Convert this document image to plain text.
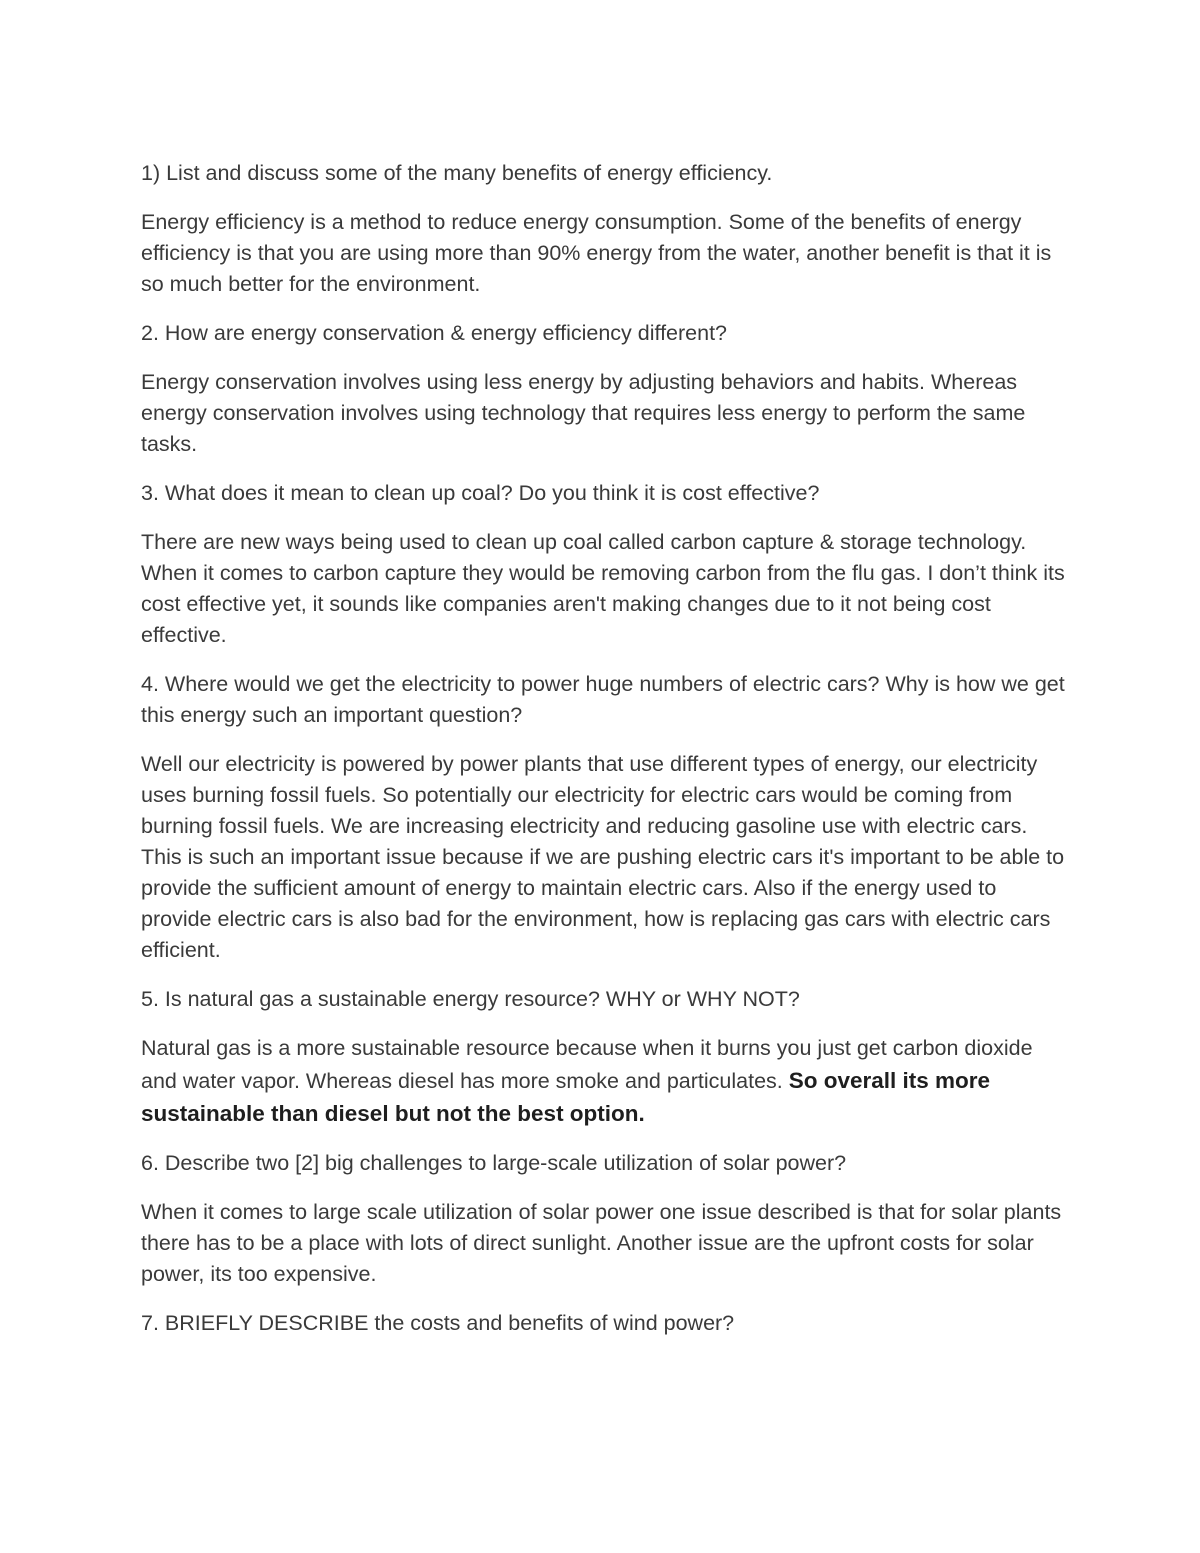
1) List and discuss some of the many benefits of energy efficiency.

Energy efficiency is a method to reduce energy consumption. Some of the benefits of energy efficiency is that you are using more than 90% energy from the water, another benefit is that it is so much better for the environment.

2. How are energy conservation & energy efficiency different?

Energy conservation involves using less energy by adjusting behaviors and habits. Whereas energy conservation involves using technology that requires less energy to perform the same tasks.

3. What does it mean to clean up coal? Do you think it is cost effective?

There are new ways being used to clean up coal called carbon capture & storage technology. When it comes to carbon capture they would be removing carbon from the flu gas. I don’t think its cost effective yet, it sounds like companies aren't making changes due to it not being cost effective.

4. Where would we get the electricity to power huge numbers of electric cars? Why is how we get this energy such an important question?

Well our electricity is powered by power plants that use different types of energy, our electricity uses burning fossil fuels. So potentially our electricity for electric cars would be coming from burning fossil fuels. We are increasing electricity and reducing gasoline use with electric cars. This is such an important issue because if we are pushing electric cars it's important to be able to provide the sufficient amount of energy to maintain electric cars. Also if the energy used to provide electric cars is also bad for the environment, how is replacing gas cars with electric cars efficient.

5. Is natural gas a sustainable energy resource? WHY or WHY NOT?

Natural gas is a more sustainable resource because when it burns you just get carbon dioxide and water vapor. Whereas diesel has more smoke and particulates. So overall its more sustainable than diesel but not the best option.

6. Describe two [2] big challenges to large-scale utilization of solar power?

When it comes to large scale utilization of solar power one issue described is that for solar plants there has to be a place with lots of direct sunlight. Another issue are the upfront costs for solar power, its too expensive.

7. BRIEFLY DESCRIBE the costs and benefits of wind power?
